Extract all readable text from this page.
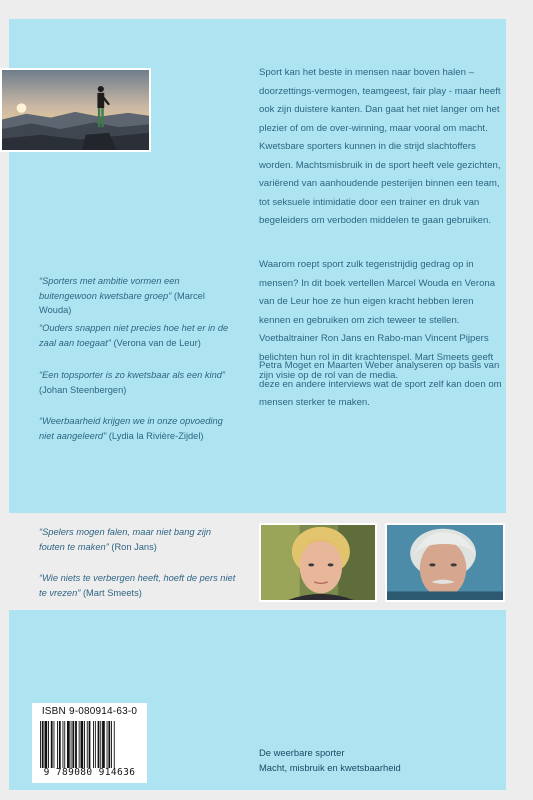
Sport kan het beste in mensen naar boven halen – doorzettings-vermogen, teamgeest, fair play - maar heeft ook zijn duistere kanten. Dan gaat het niet langer om het plezier of om de over-winning, maar vooral om macht. Kwetsbare sporters kunnen in die strijd slachtoffers worden. Machtsmisbruik in de sport heeft vele gezichten, variërend van aanhoudende pesterijen binnen een team, tot seksuele intimidatie door een trainer en druk van begeleiders om verboden middelen te gaan gebruiken.
Waarom roept sport zulk tegenstrijdig gedrag op in mensen? In dit boek vertellen Marcel Wouda en Verona van de Leur hoe ze hun eigen kracht hebben leren kennen en gebruiken om zich teweer te stellen. Voetbaltrainer Ron Jans en Rabo-man Vincent Pijpers belichten hun rol in dit krachtenspel. Mart Smeets geeft zijn visie op de rol van de media.
Petra Moget en Maarten Weber analyseren op basis van deze en andere interviews wat de sport zelf kan doen om mensen sterker te maken.
“Sporters met ambitie vormen een buitengewoon kwetsbare groep” (Marcel Wouda)
“Ouders snappen niet precies hoe het er in de zaal aan toegaat” (Verona van de Leur)
“Een topsporter is zo kwetsbaar als een kind”
(Johan Steenbergen)
“Weerbaarheid krijgen we in onze opvoeding niet aangeleerd” (Lydia la Rivière-Zijdel)
“Spelers mogen falen, maar niet bang zijn fouten te maken” (Ron Jans)
“Wie niets te verbergen heeft, hoeft de pers niet te vrezen” (Mart Smeets)
ISBN 9-080914-63-0
9 789080 914636
De weerbare sporter
Macht, misbruik en kwetsbaarheid
